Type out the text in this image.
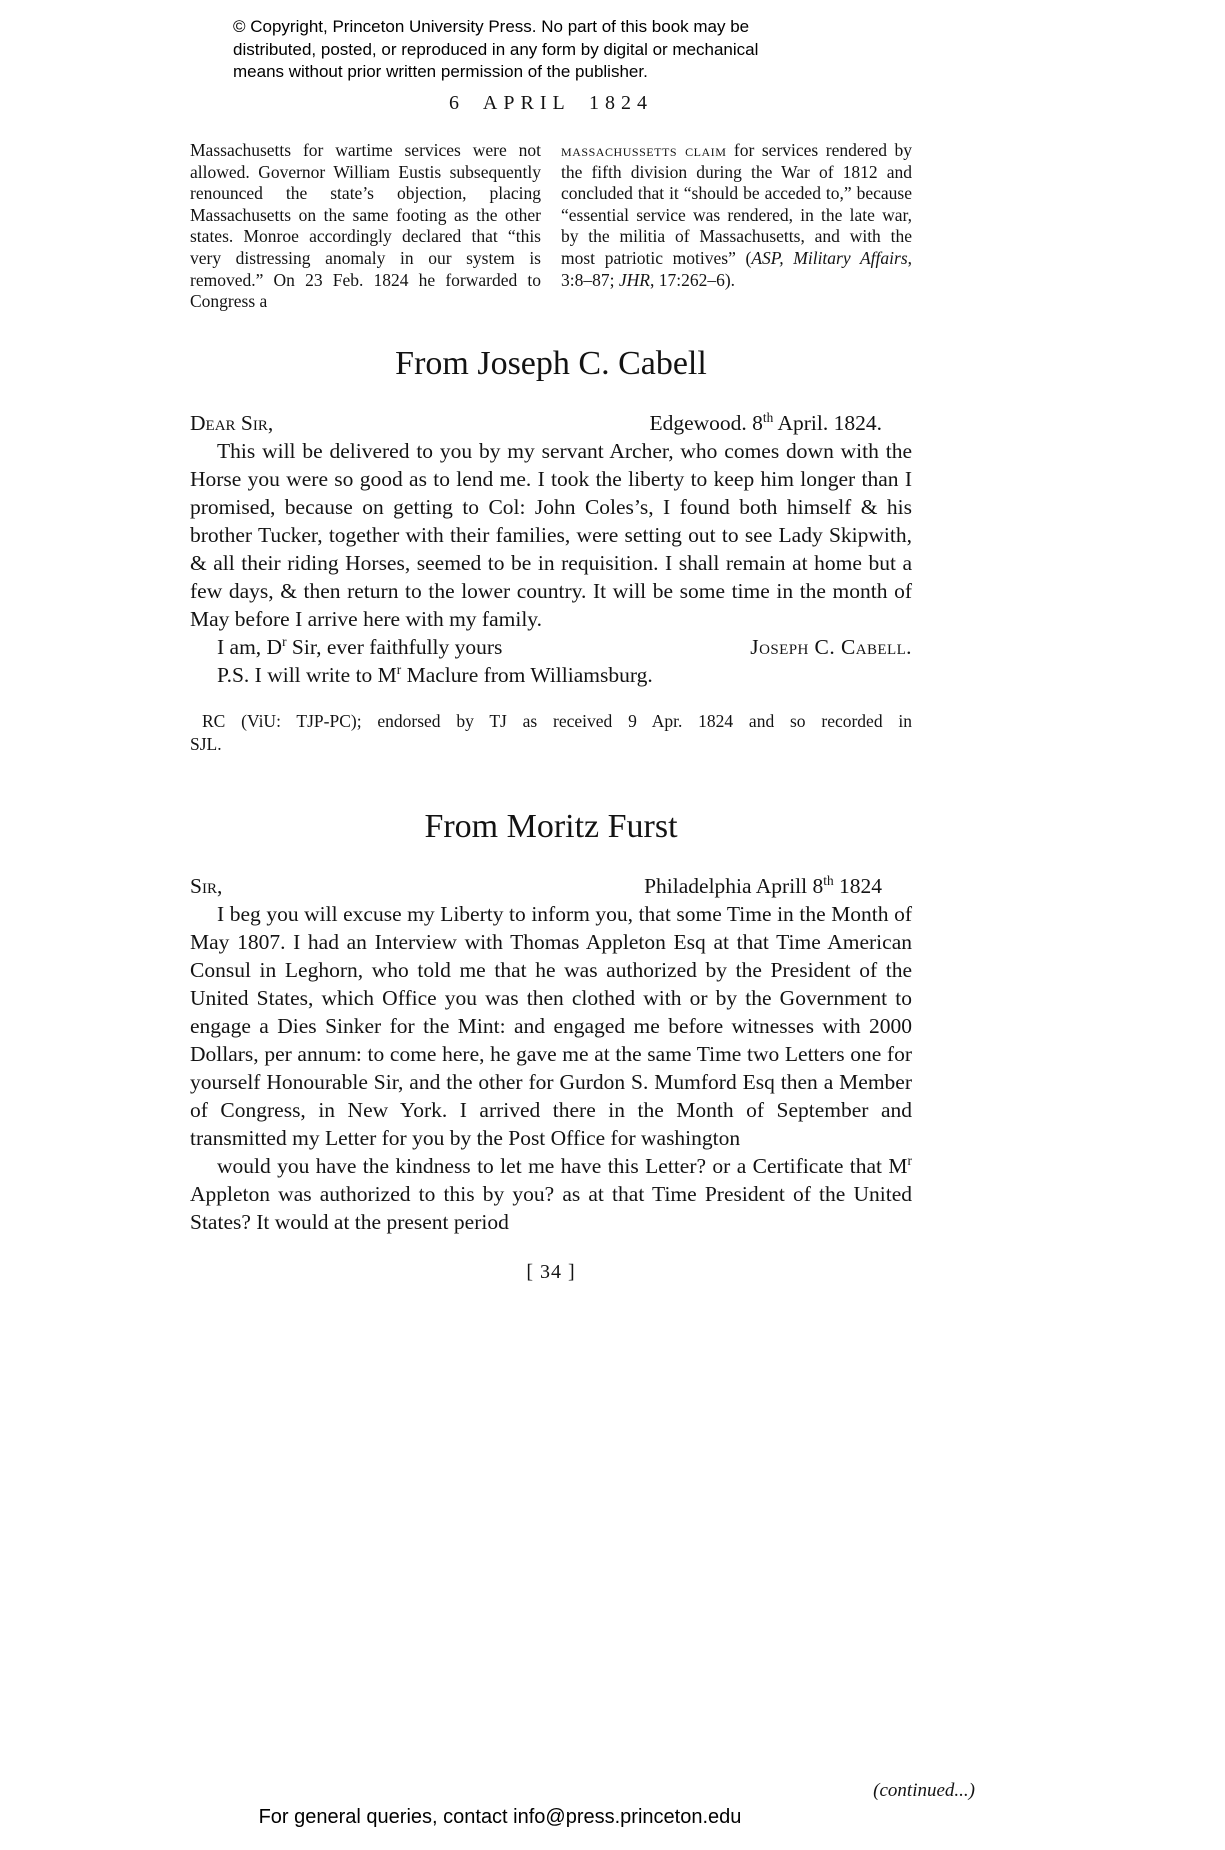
© Copyright, Princeton University Press. No part of this book may be
distributed, posted, or reproduced in any form by digital or mechanical
means without prior written permission of the publisher.
6 APRIL 1824
Massachusetts for wartime services were not allowed. Governor William Eustis subsequently renounced the state’s objection, placing Massachusetts on the same footing as the other states. Monroe accordingly declared that “this very distressing anomaly in our system is removed.” On 23 Feb. 1824 he forwarded to Congress a
massachussetts claim for services rendered by the fifth division during the War of 1812 and concluded that it “should be acceded to,” because “essential service was rendered, in the late war, by the militia of Massachusetts, and with the most patriotic motives” (ASP, Military Affairs, 3:8–87; JHR, 17:262–6).
From Joseph C. Cabell
Dear Sir,	Edgewood. 8th April. 1824.

This will be delivered to you by my servant Archer, who comes down with the Horse you were so good as to lend me. I took the liberty to keep him longer than I promised, because on getting to Col: John Coles’s, I found both himself & his brother Tucker, together with their families, were setting out to see Lady Skipwith, & all their riding Horses, seemed to be in requisition. I shall remain at home but a few days, & then return to the lower country. It will be some time in the month of May before I arrive here with my family.

I am, $D^r$ Sir, ever faithfully yours	Joseph C. Cabell.

P.S. I will write to $M^r$ Maclure from Williamsburg.

RC (ViU: TJP-PC); endorsed by TJ as received 9 Apr. 1824 and so recorded in
SJL.
From Moritz Furst
Sir,	Philadelphia Aprill 8th 1824

I beg you will excuse my Liberty to inform you, that some Time in the Month of May 1807. I had an Interview with Thomas Appleton Esq at that Time American Consul in Leghorn, who told me that he was authorized by the President of the United States, which Office you was then clothed with or by the Government to engage a Dies Sinker for the Mint: and engaged me before witnesses with 2000 Dollars, per annum: to come here, he gave me at the same Time two Letters one for yourself Honourable Sir, and the other for Gurdon S. Mumford Esq then a Member of Congress, in New York. I arrived there in the Month of September and transmitted my Letter for you by the Post Office for washington

would you have the kindness to let me have this Letter? or a Certificate that $M^r$ Appleton was authorized to this by you? as at that Time President of the United States? It would at the present period

[ 34 ]
(continued...)
For general queries, contact info@press.princeton.edu
